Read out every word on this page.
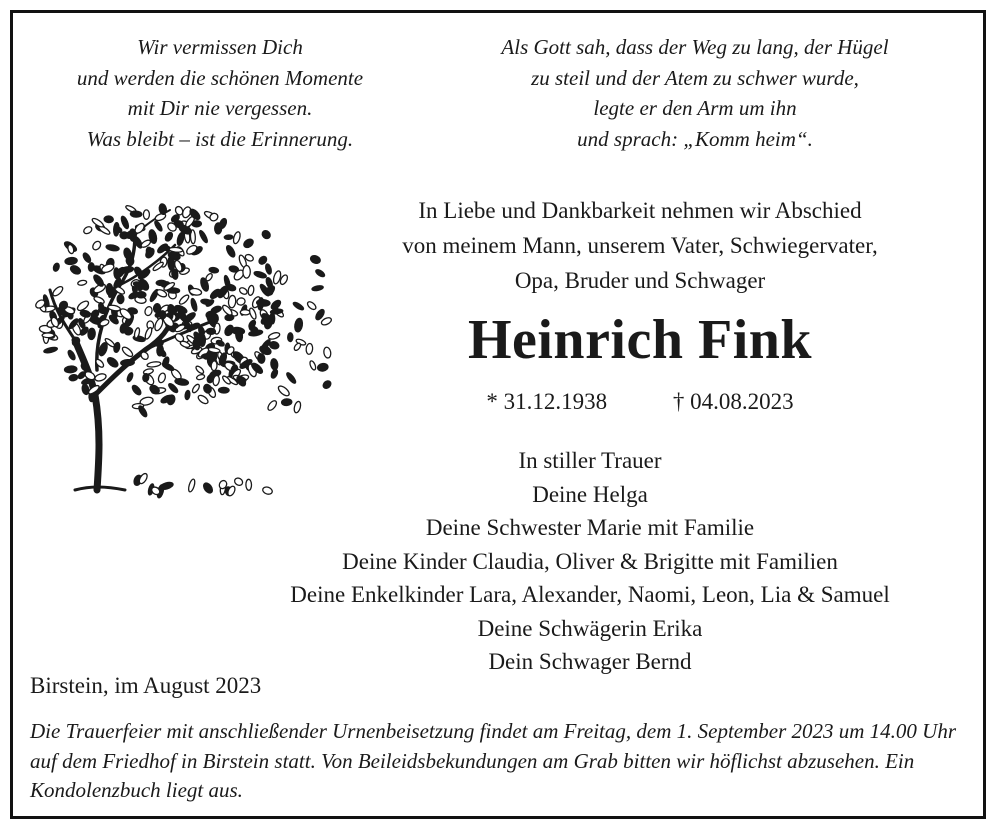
Wir vermissen Dich
und werden die schönen Momente
mit Dir nie vergessen.
Was bleibt – ist die Erinnerung.
Als Gott sah, dass der Weg zu lang, der Hügel
zu steil und der Atem zu schwer wurde,
legte er den Arm um ihn
und sprach: „Komm heim“.
In Liebe und Dankbarkeit nehmen wir Abschied
von meinem Mann, unserem Vater, Schwiegervater,
Opa, Bruder und Schwager
Heinrich Fink
* 31.12.1938	† 04.08.2023
In stiller Trauer
Deine Helga
Deine Schwester Marie mit Familie
Deine Kinder Claudia, Oliver & Brigitte mit Familien
Deine Enkelkinder Lara, Alexander, Naomi, Leon, Lia & Samuel
Deine Schwägerin Erika
Dein Schwager Bernd
Birstein, im August 2023
Die Trauerfeier mit anschließender Urnenbeisetzung findet am Freitag, dem 1. September 2023 um 14.00 Uhr auf dem Friedhof in Birstein statt. Von Beileidsbekundungen am Grab bitten wir höflichst abzusehen. Ein Kondolenzbuch liegt aus.
